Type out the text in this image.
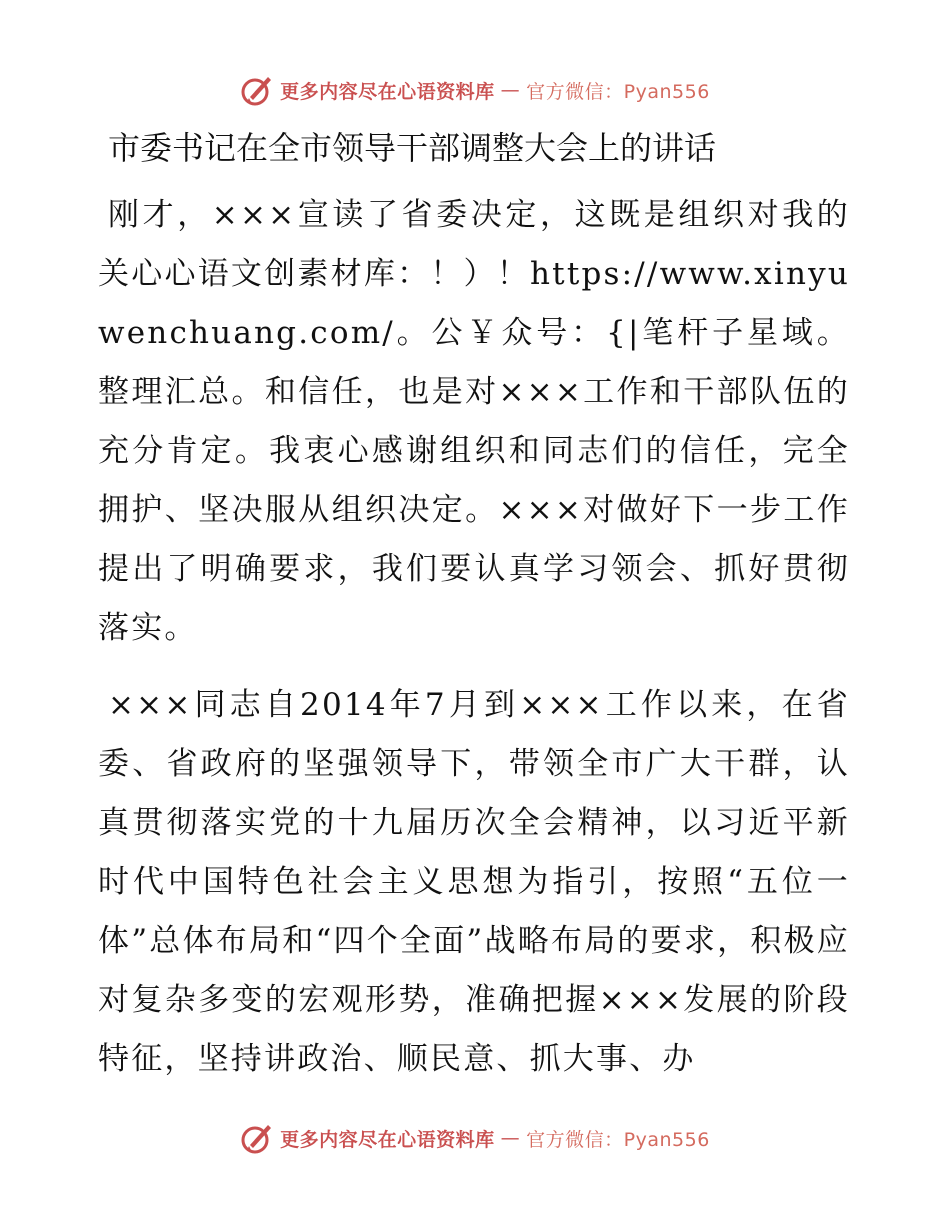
更多内容尽在心语资料库 — 官方微信：Pyan556
市委书记在全市领导干部调整大会上的讲话

刚才，×××宣读了省委决定，这既是组织对我的关心心语文创素材库：！）！https://www.xinyuwenchuang.com/。公￥众号：{|笔杆子星域。整理汇总。和信任，也是对×××工作和干部队伍的充分肯定。我衷心感谢组织和同志们的信任，完全拥护、坚决服从组织决定。×××对做好下一步工作提出了明确要求，我们要认真学习领会、抓好贯彻落实。

×××同志自2014年7月到×××工作以来，在省委、省政府的坚强领导下，带领全市广大干群，认真贯彻落实党的十九届历次全会精神，以习近平新时代中国特色社会主义思想为指引，按照“五位一体”总体布局和“四个全面”战略布局的要求，积极应对复杂多变的宏观形势，准确把握×××发展的阶段特征，坚持讲政治、顺民意、抓大事、办

更多内容尽在心语资料库 — 官方微信：Pyan556
